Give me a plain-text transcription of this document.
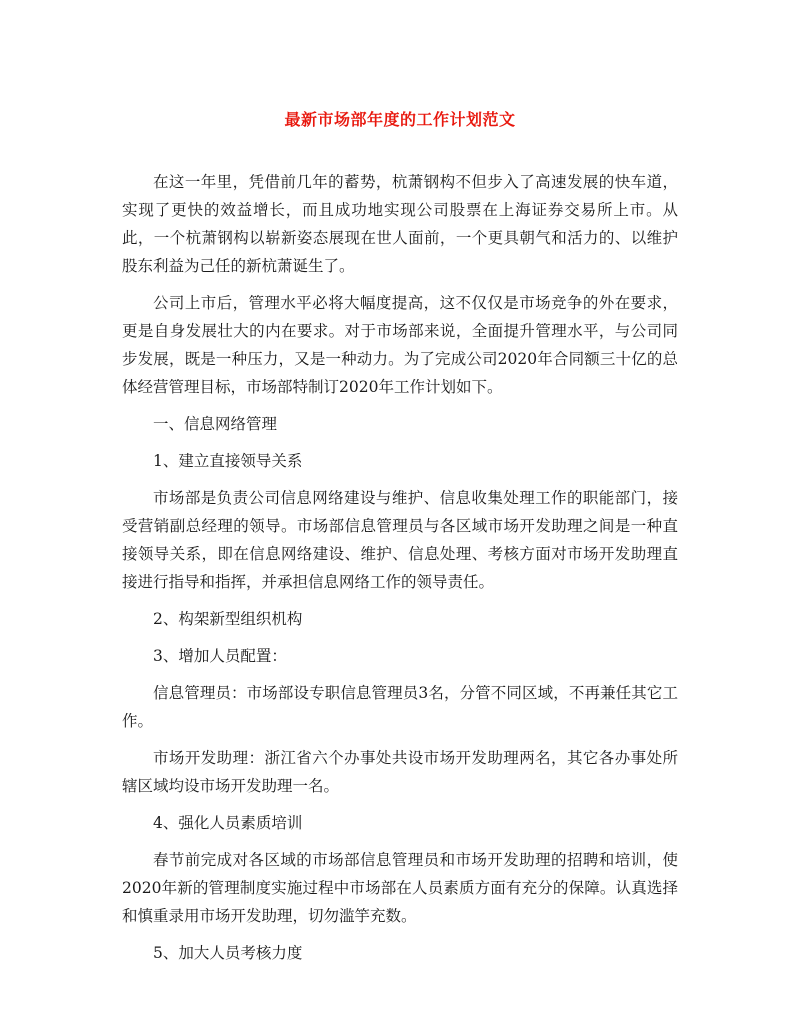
最新市场部年度的工作计划范文

在这一年里，凭借前几年的蓄势，杭萧钢构不但步入了高速发展的快车道，实现了更快的效益增长，而且成功地实现公司股票在上海证券交易所上市。从此，一个杭萧钢构以崭新姿态展现在世人面前，一个更具朝气和活力的、以维护股东利益为己任的新杭萧诞生了。

公司上市后，管理水平必将大幅度提高，这不仅仅是市场竞争的外在要求，更是自身发展壮大的内在要求。对于市场部来说，全面提升管理水平，与公司同步发展，既是一种压力，又是一种动力。为了完成公司2020年合同额三十亿的总体经营管理目标，市场部特制订2020年工作计划如下。

一、信息网络管理

1、建立直接领导关系

市场部是负责公司信息网络建设与维护、信息收集处理工作的职能部门，接受营销副总经理的领导。市场部信息管理员与各区域市场开发助理之间是一种直接领导关系，即在信息网络建设、维护、信息处理、考核方面对市场开发助理直接进行指导和指挥，并承担信息网络工作的领导责任。

2、构架新型组织机构

3、增加人员配置：

信息管理员：市场部设专职信息管理员3名，分管不同区域，不再兼任其它工作。

市场开发助理：浙江省六个办事处共设市场开发助理两名，其它各办事处所辖区域均设市场开发助理一名。

4、强化人员素质培训

春节前完成对各区域的市场部信息管理员和市场开发助理的招聘和培训，使2020年新的管理制度实施过程中市场部在人员素质方面有充分的保障。认真选择和慎重录用市场开发助理，切勿滥竽充数。

5、加大人员考核力度
